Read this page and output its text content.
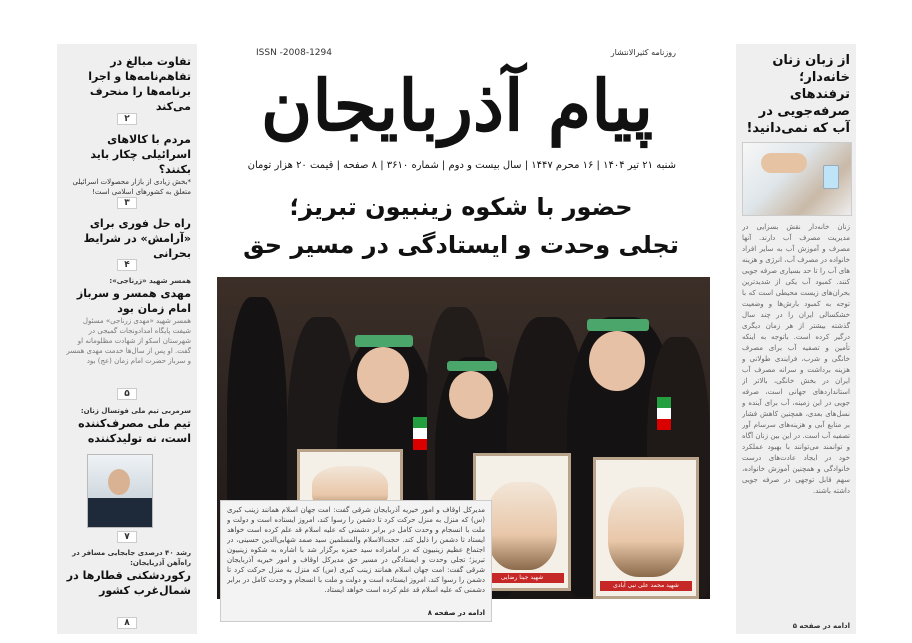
از زبان زنان خانه‌دار؛ ترفندهای صرفه‌جویی در آب که نمی‌دانید!
زنان خانه‌دار نقش بسزایی در مدیریت مصرف آب دارند. آنها مصرف و آموزش آب به سایر افراد خانواده در مصرف آب، انرژی و هزینه های آب را تا حد بسیاری صرفه جویی کنند. کمبود آب یکی از شدیدترین بحران‌های زیست محیطی است که با توجه به کمبود بارش‌ها و وضعیت خشکسالی ایران را در چند سال گذشته بیشتر از هر زمان دیگری درگیر کرده است. باتوجه به اینکه تأمین و تصفیه آب برای مصرف خانگی و شرب، فرایندی طولانی و هزینه برداشت و سرانه مصرف آب ایران در بخش خانگی، بالاتر از استانداردهای جهانی است، صرفه جویی در این زمینه، آب برای آینده و نسل‌های بعدی، همچنین کاهش فشار بر منابع آبی و هزینه‌های سرسام آور تصفیه آب است. در این بین زنان آگاه و توانمند می‌توانند با بهبود عملکرد خود در ایجاد عادت‌های درست خانوادگی و همچنین آموزش خانواده، سهم قابل توجهی در صرفه جویی داشته باشند.
ادامه در صفحه ۵
تفاوت مبالغ در تفاهم‌نامه‌ها و اجرا برنامه‌ها را منحرف می‌کند
۲
مردم با کالاهای اسرائیلی چکار باید بکنند؟
*بخش زیادی از بازار محصولات اسرائیلی متعلق به کشورهای اسلامی است!
۳
راه حل فوری برای «آرامش» در شرایط بحرانی
۴
همسر شهید «زرناجی»:
مهدی همسر و سرباز امام زمان بود
همسر شهید «مهدی زرناجی» مسئول شیفت پایگاه امدادونجات گمیجی در شهرستان اسکو از شهادت مظلومانه او گفت. او پس از سال‌ها خدمت مهدی همسر و سرباز حضرت امام زمان (عج) بود
۵
سرمربی تیم ملی فوتسال زنان:
تیم ملی مصرف‌کننده است، نه تولیدکننده
۷
رشد ۴۰ درصدی جابجایی مسافر در راه‌آهن آذربایجان:
رکوردشکنی قطارها در شمال‌غرب کشور
۸
ISSN -2008-1294	روزنامه کثیرالانتشار
پیام آذربایجان
شنبه ۲۱ تیر ۱۴۰۴ | ۱۶ محرم ۱۴۴۷ | سال بیست و دوم | شماره ۳۶۱۰ | ۸ صفحه | قیمت ۲۰ هزار تومان
حضور با شکوه زینبیون تبریز؛
تجلی وحدت و ایستادگی در مسیر حق
شهید جینا رضایی
شهید محمد علی نبی آبادی
مدیرکل اوقاف و امور خیریه آذربایجان شرقی گفت: امت جهان اسلام همانند زینب کبری (س) که منزل به منزل حرکت کرد تا دشمن را رسوا کند، امروز ایستاده است و دولت و ملت با انسجام و وحدت کامل در برابر دشمنی که علیه اسلام قد علم کرده است خواهد ایستاد تا دشمن را ذلیل کند. حجت‌الاسلام والمسلمین سید صمد شهابی‌الدین حسینی، در اجتماع عظیم زینبیون که در امامزاده سید حمزه برگزار شد با اشاره به شکوه زینبیون تبریز؛ تجلی وحدت و ایستادگی در مسیر حق مدیرکل اوقاف و امور خیریه آذربایجان شرقی گفت: امت جهان اسلام همانند زینب کبری (س) که منزل به منزل حرکت کرد تا دشمن را رسوا کند، امروز ایستاده است و دولت و ملت با انسجام و وحدت کامل در برابر دشمنی که علیه اسلام قد علم کرده است خواهد ایستاد.
ادامه در صفحه ۸
